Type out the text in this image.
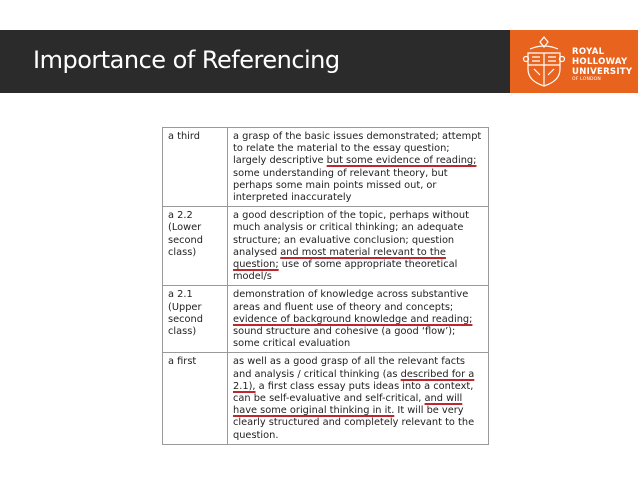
Importance of Referencing	ROYAL
HOLLOWAY
UNIVERSITY
OF LONDON
a third	a grasp of the basic issues demonstrated; attempt to relate the material to the essay question; largely descriptive but some evidence of reading; some understanding of relevant theory, but perhaps some main points missed out, or interpreted inaccurately
a 2.2 (Lower second class)	a good description of the topic, perhaps without much analysis or critical thinking; an adequate structure; an evaluative conclusion; question analysed and most material relevant to the question; use of some appropriate theoretical model/s
a 2.1 (Upper second class)	demonstration of knowledge across substantive areas and fluent use of theory and concepts; evidence of background knowledge and reading; sound structure and cohesive (a good ‘flow’); some critical evaluation
a first	as well as a good grasp of all the relevant facts and analysis / critical thinking (as described for a 2.1), a first class essay puts ideas into a context, can be self-evaluative and self-critical, and will have some original thinking in it. It will be very clearly structured and completely relevant to the question.
